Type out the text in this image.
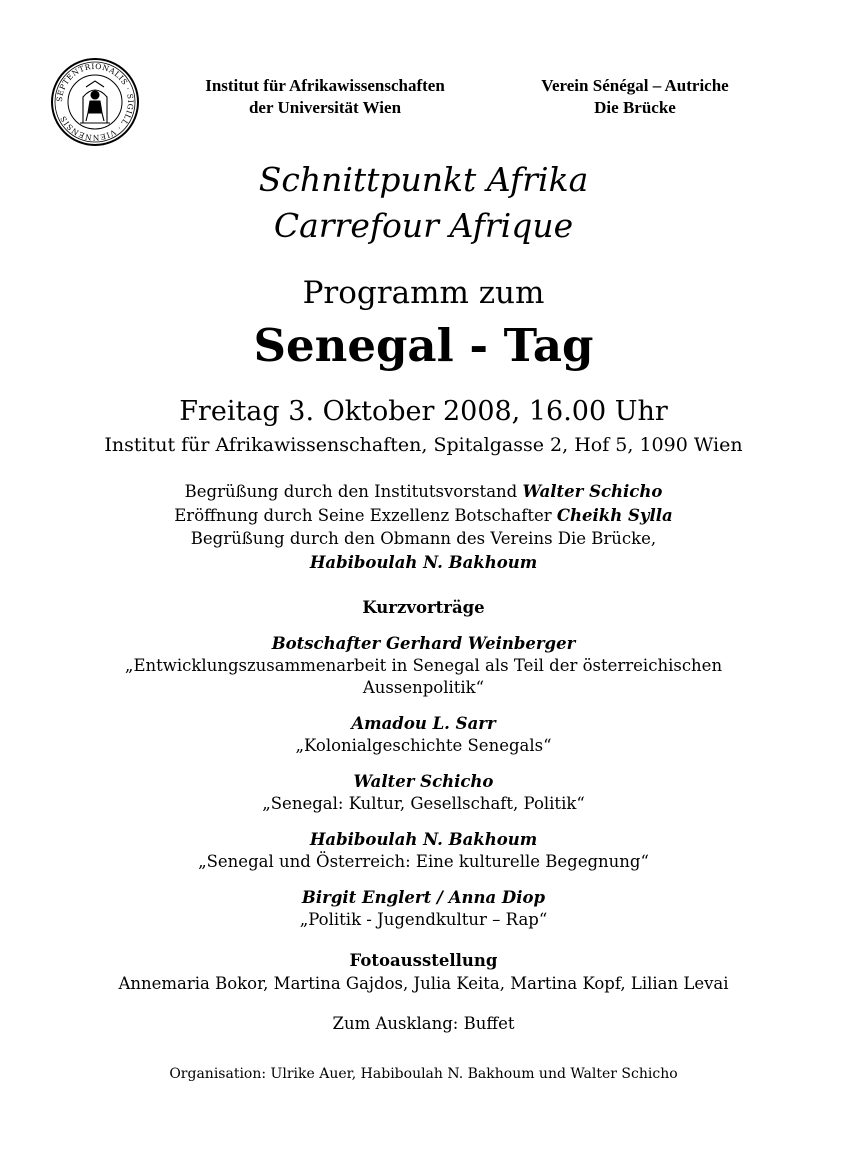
SEPTENTRIONALIS · SIGILL · VIENNENSIS
Institut für Afrikawissenschaften
der Universität Wien
Verein Sénégal – Autriche
Die Brücke
Schnittpunkt Afrika
Carrefour Afrique
Programm zum
Senegal - Tag
Freitag 3. Oktober 2008, 16.00 Uhr
Institut für Afrikawissenschaften, Spitalgasse 2, Hof 5, 1090 Wien
Begrüßung durch den Institutsvorstand Walter Schicho
Eröffnung durch Seine Exzellenz Botschafter Cheikh Sylla
Begrüßung durch den Obmann des Vereins Die Brücke,
Habiboulah N. Bakhoum
Kurzvorträge
Botschafter Gerhard Weinberger
„Entwicklungszusammenarbeit in Senegal als Teil der österreichischen
Aussenpolitik“
Amadou L. Sarr
„Kolonialgeschichte Senegals“
Walter Schicho
„Senegal: Kultur, Gesellschaft, Politik“
Habiboulah N. Bakhoum
„Senegal und Österreich: Eine kulturelle Begegnung“
Birgit Englert / Anna Diop
„Politik - Jugendkultur – Rap“
Fotoausstellung
Annemaria Bokor, Martina Gajdos, Julia Keita, Martina Kopf, Lilian Levai
Zum Ausklang: Buffet
Organisation: Ulrike Auer, Habiboulah N. Bakhoum und Walter Schicho
